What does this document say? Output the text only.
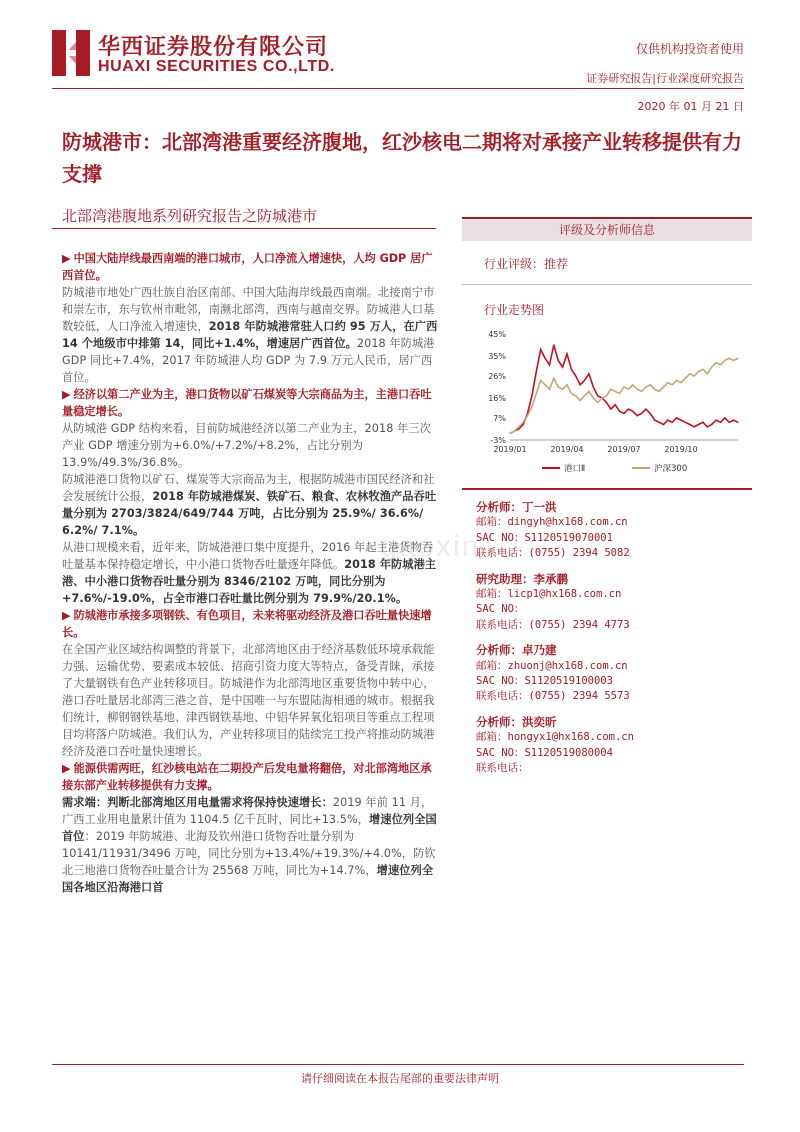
华西证券股份有限公司
HUAXI SECURITIES CO.,LTD.
仅供机构投资者使用
证券研究报告|行业深度研究报告
2020 年 01 月 21 日
防城港市：北部湾港重要经济腹地，红沙核电二期将对承接产业转移提供有力支撑
北部湾港腹地系列研究报告之防城港市
▶ 中国大陆岸线最西南端的港口城市，人口净流入增速快，人均 GDP 居广西首位。
防城港市地处广西壮族自治区南部、中国大陆海岸线最西南端。北接南宁市和崇左市，东与钦州市毗邻，南濒北部湾，西南与越南交界。防城港人口基数较低，人口净流入增速快，2018 年防城港常驻人口约 95 万人，在广西 14 个地级市中排第 14，同比+1.4%，增速居广西首位。2018 年防城港 GDP 同比+7.4%，2017 年防城港人均 GDP 为 7.9 万元人民币，居广西首位。
▶ 经济以第二产业为主，港口货物以矿石煤炭等大宗商品为主，主港口吞吐量稳定增长。
从防城港 GDP 结构来看，目前防城港经济以第二产业为主，2018 年三次产业 GDP 增速分别为+6.0%/+7.2%/+8.2%，占比分别为 13.9%/49.3%/36.8%。
防城港港口货物以矿石、煤炭等大宗商品为主，根据防城港市国民经济和社会发展统计公报，2018 年防城港煤炭、铁矿石、粮食、农林牧渔产品吞吐量分别为 2703/3824/649/744 万吨，占比分别为 25.9%/ 36.6%/ 6.2%/ 7.1%。
从港口规模来看，近年来，防城港港口集中度提升，2016 年起主港货物吞吐量基本保持稳定增长，中小港口货物吞吐量逐年降低。2018 年防城港主港、中小港口货物吞吐量分别为 8346/2102 万吨，同比分别为+7.6%/-19.0%，占全市港口吞吐量比例分别为 79.9%/20.1%。
▶ 防城港市承接多项钢铁、有色项目，未来将驱动经济及港口吞吐量快速增长。
在全国产业区域结构调整的背景下，北部湾地区由于经济基数低环境承载能力强、运输优势、要素成本较低、招商引资力度大等特点，备受青睐，承接了大量钢铁有色产业转移项目。防城港作为北部湾地区重要货物中转中心，港口吞吐量居北部湾三港之首，是中国唯一与东盟陆海相通的城市。根据我们统计，柳钢钢铁基地、津西钢铁基地、中铝华昇氧化铝项目等重点工程项目均将落户防城港。我们认为，产业转移项目的陆续完工投产将推动防城港经济及港口吞吐量快速增长。
▶ 能源供需两旺，红沙核电站在二期投产后发电量将翻倍，对北部湾地区承接东部产业转移提供有力支撑。
需求端：判断北部湾地区用电量需求将保持快速增长：2019 年前 11 月，广西工业用电量累计值为 1104.5 亿千瓦时，同比+13.5%，增速位列全国首位：2019 年防城港、北海及钦州港口货物吞吐量分别为 10141/11931/3496 万吨，同比分别为+13.4%/+19.3%/+4.0%，防钦北三地港口货物吞吐量合计为 25568 万吨，同比为+14.7%，增速位列全国各地区沿海港口首
评级及分析师信息
行业评级：推荐
行业走势图
45%
35%
26%
16%
7%
-3%
2019/01	2019/04	2019/07	2019/10
港口Ⅱ	沪深300
分析师：丁一洪
邮箱：dingyh@hx168.com.cn
SAC NO：S1120519070001
联系电话：(0755) 2394 5082
研究助理：李承鹏
邮箱：licp1@hx168.com.cn
SAC NO：
联系电话：(0755) 2394 4773
分析师：卓乃建
邮箱：zhuonj@hx168.com.cn
SAC NO：S1120519100003
联系电话：(0755) 2394 5573
分析师：洪奕昕
邮箱：hongyx1@hx168.com.cn
SAC NO：S1120519080004
联系电话：
gaoxin
请仔细阅读在本报告尾部的重要法律声明
